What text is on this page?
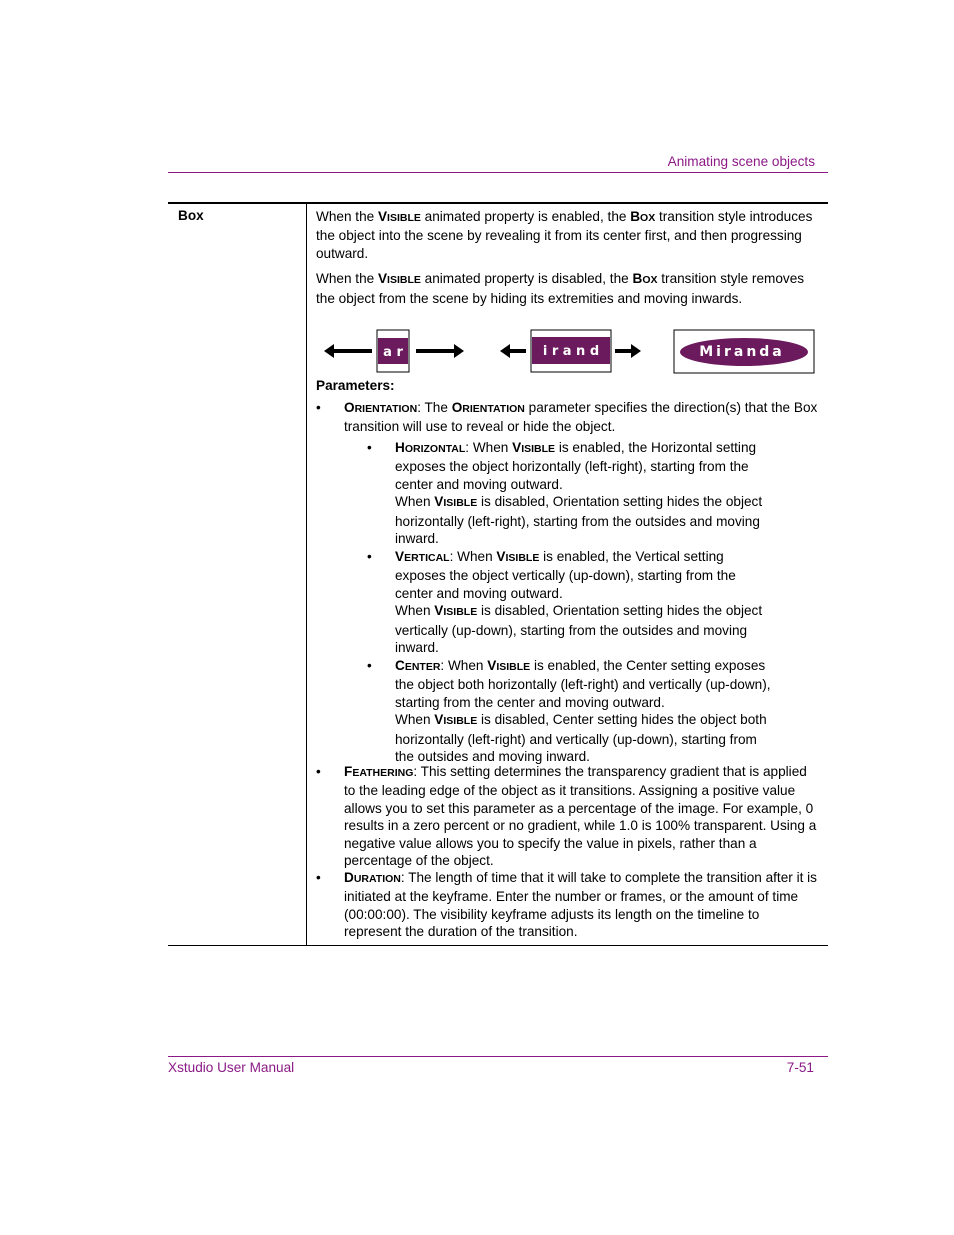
Animating scene objects
Box	When the VISIBLE animated property is enabled, the BOX transition style introduces the object into the scene by revealing it from its center first, and then progressing outward.

When the VISIBLE animated property is disabled, the BOX transition style removes the object from the scene by hiding its extremities and moving inwards.

a r	i r a n d	Miranda
Parameters:
• ORIENTATION: The ORIENTATION parameter specifies the direction(s) that the Box transition will use to reveal or hide the object.
• HORIZONTAL: When VISIBLE is enabled, the Horizontal setting exposes the object horizontally (left-right), starting from the center and moving outward.
When VISIBLE is disabled, Orientation setting hides the object horizontally (left-right), starting from the outsides and moving inward.
• VERTICAL: When VISIBLE is enabled, the Vertical setting exposes the object vertically (up-down), starting from the center and moving outward.
When VISIBLE is disabled, Orientation setting hides the object vertically (up-down), starting from the outsides and moving inward.
• CENTER: When VISIBLE is enabled, the Center setting exposes the object both horizontally (left-right) and vertically (up-down), starting from the center and moving outward.
When VISIBLE is disabled, Center setting hides the object both horizontally (left-right) and vertically (up-down), starting from the outsides and moving inward.
• FEATHERING: This setting determines the transparency gradient that is applied to the leading edge of the object as it transitions. Assigning a positive value allows you to set this parameter as a percentage of the image. For example, 0 results in a zero percent or no gradient, while 1.0 is 100% transparent. Using a negative value allows you to specify the value in pixels, rather than a percentage of the object.
• DURATION: The length of time that it will take to complete the transition after it is initiated at the keyframe. Enter the number or frames, or the amount of time (00:00:00). The visibility keyframe adjusts its length on the timeline to represent the duration of the transition.
Xstudio User Manual	7-51
